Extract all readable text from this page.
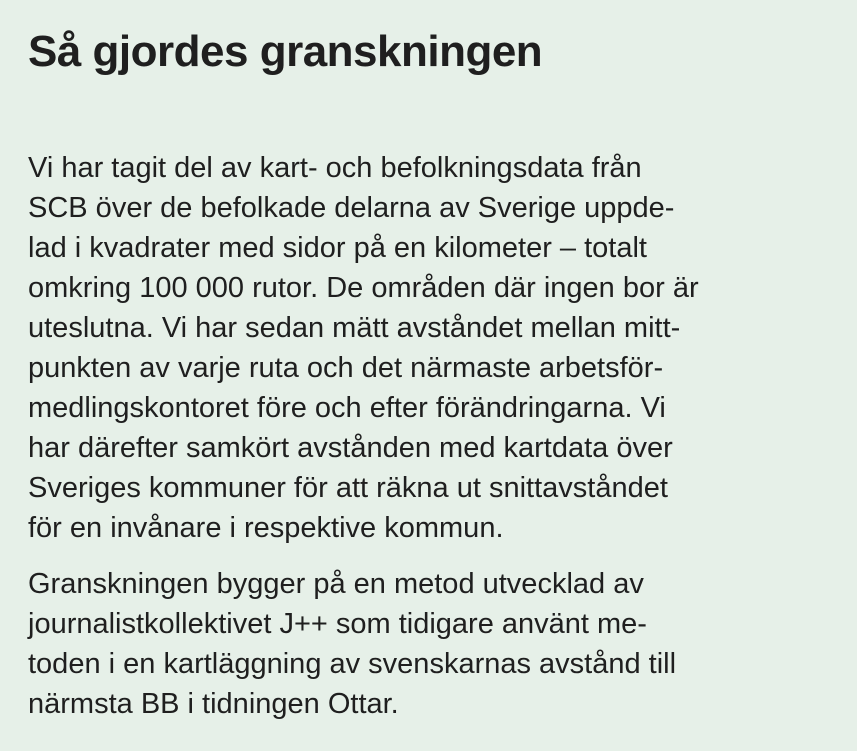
Så gjordes granskningen

Vi har tagit del av kart- och befolkningsdata från
SCB över de befolkade delarna av Sverige uppde-
lad i kvadrater med sidor på en kilometer – totalt
omkring 100 000 rutor. De områden där ingen bor är
uteslutna. Vi har sedan mätt avståndet mellan mitt-
punkten av varje ruta och det närmaste arbetsför-
medlingskontoret före och efter förändringarna. Vi
har därefter samkört avstånden med kartdata över
Sveriges kommuner för att räkna ut snittavståndet
för en invånare i respektive kommun.

Granskningen bygger på en metod utvecklad av
journalistkollektivet J++ som tidigare använt me-
toden i en kartläggning av svenskarnas avstånd till
närmsta BB i tidningen Ottar.
